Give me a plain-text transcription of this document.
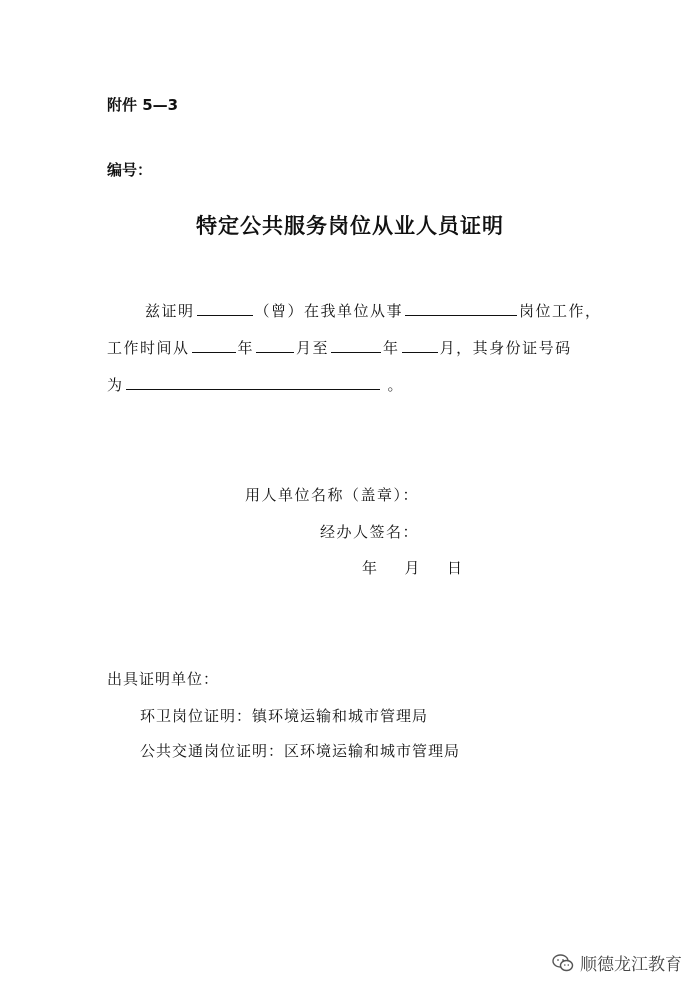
附件 5—3
编号：
特定公共服务岗位从业人员证明
兹证明	（曾）在我单位从事	岗位工作，
工作时间从	年	月至	年	月，其身份证号码
为	。
用人单位名称（盖章）：
经办人签名：
年 月 日
出具证明单位：
环卫岗位证明：镇环境运输和城市管理局
公共交通岗位证明：区环境运输和城市管理局
顺德龙江教育
